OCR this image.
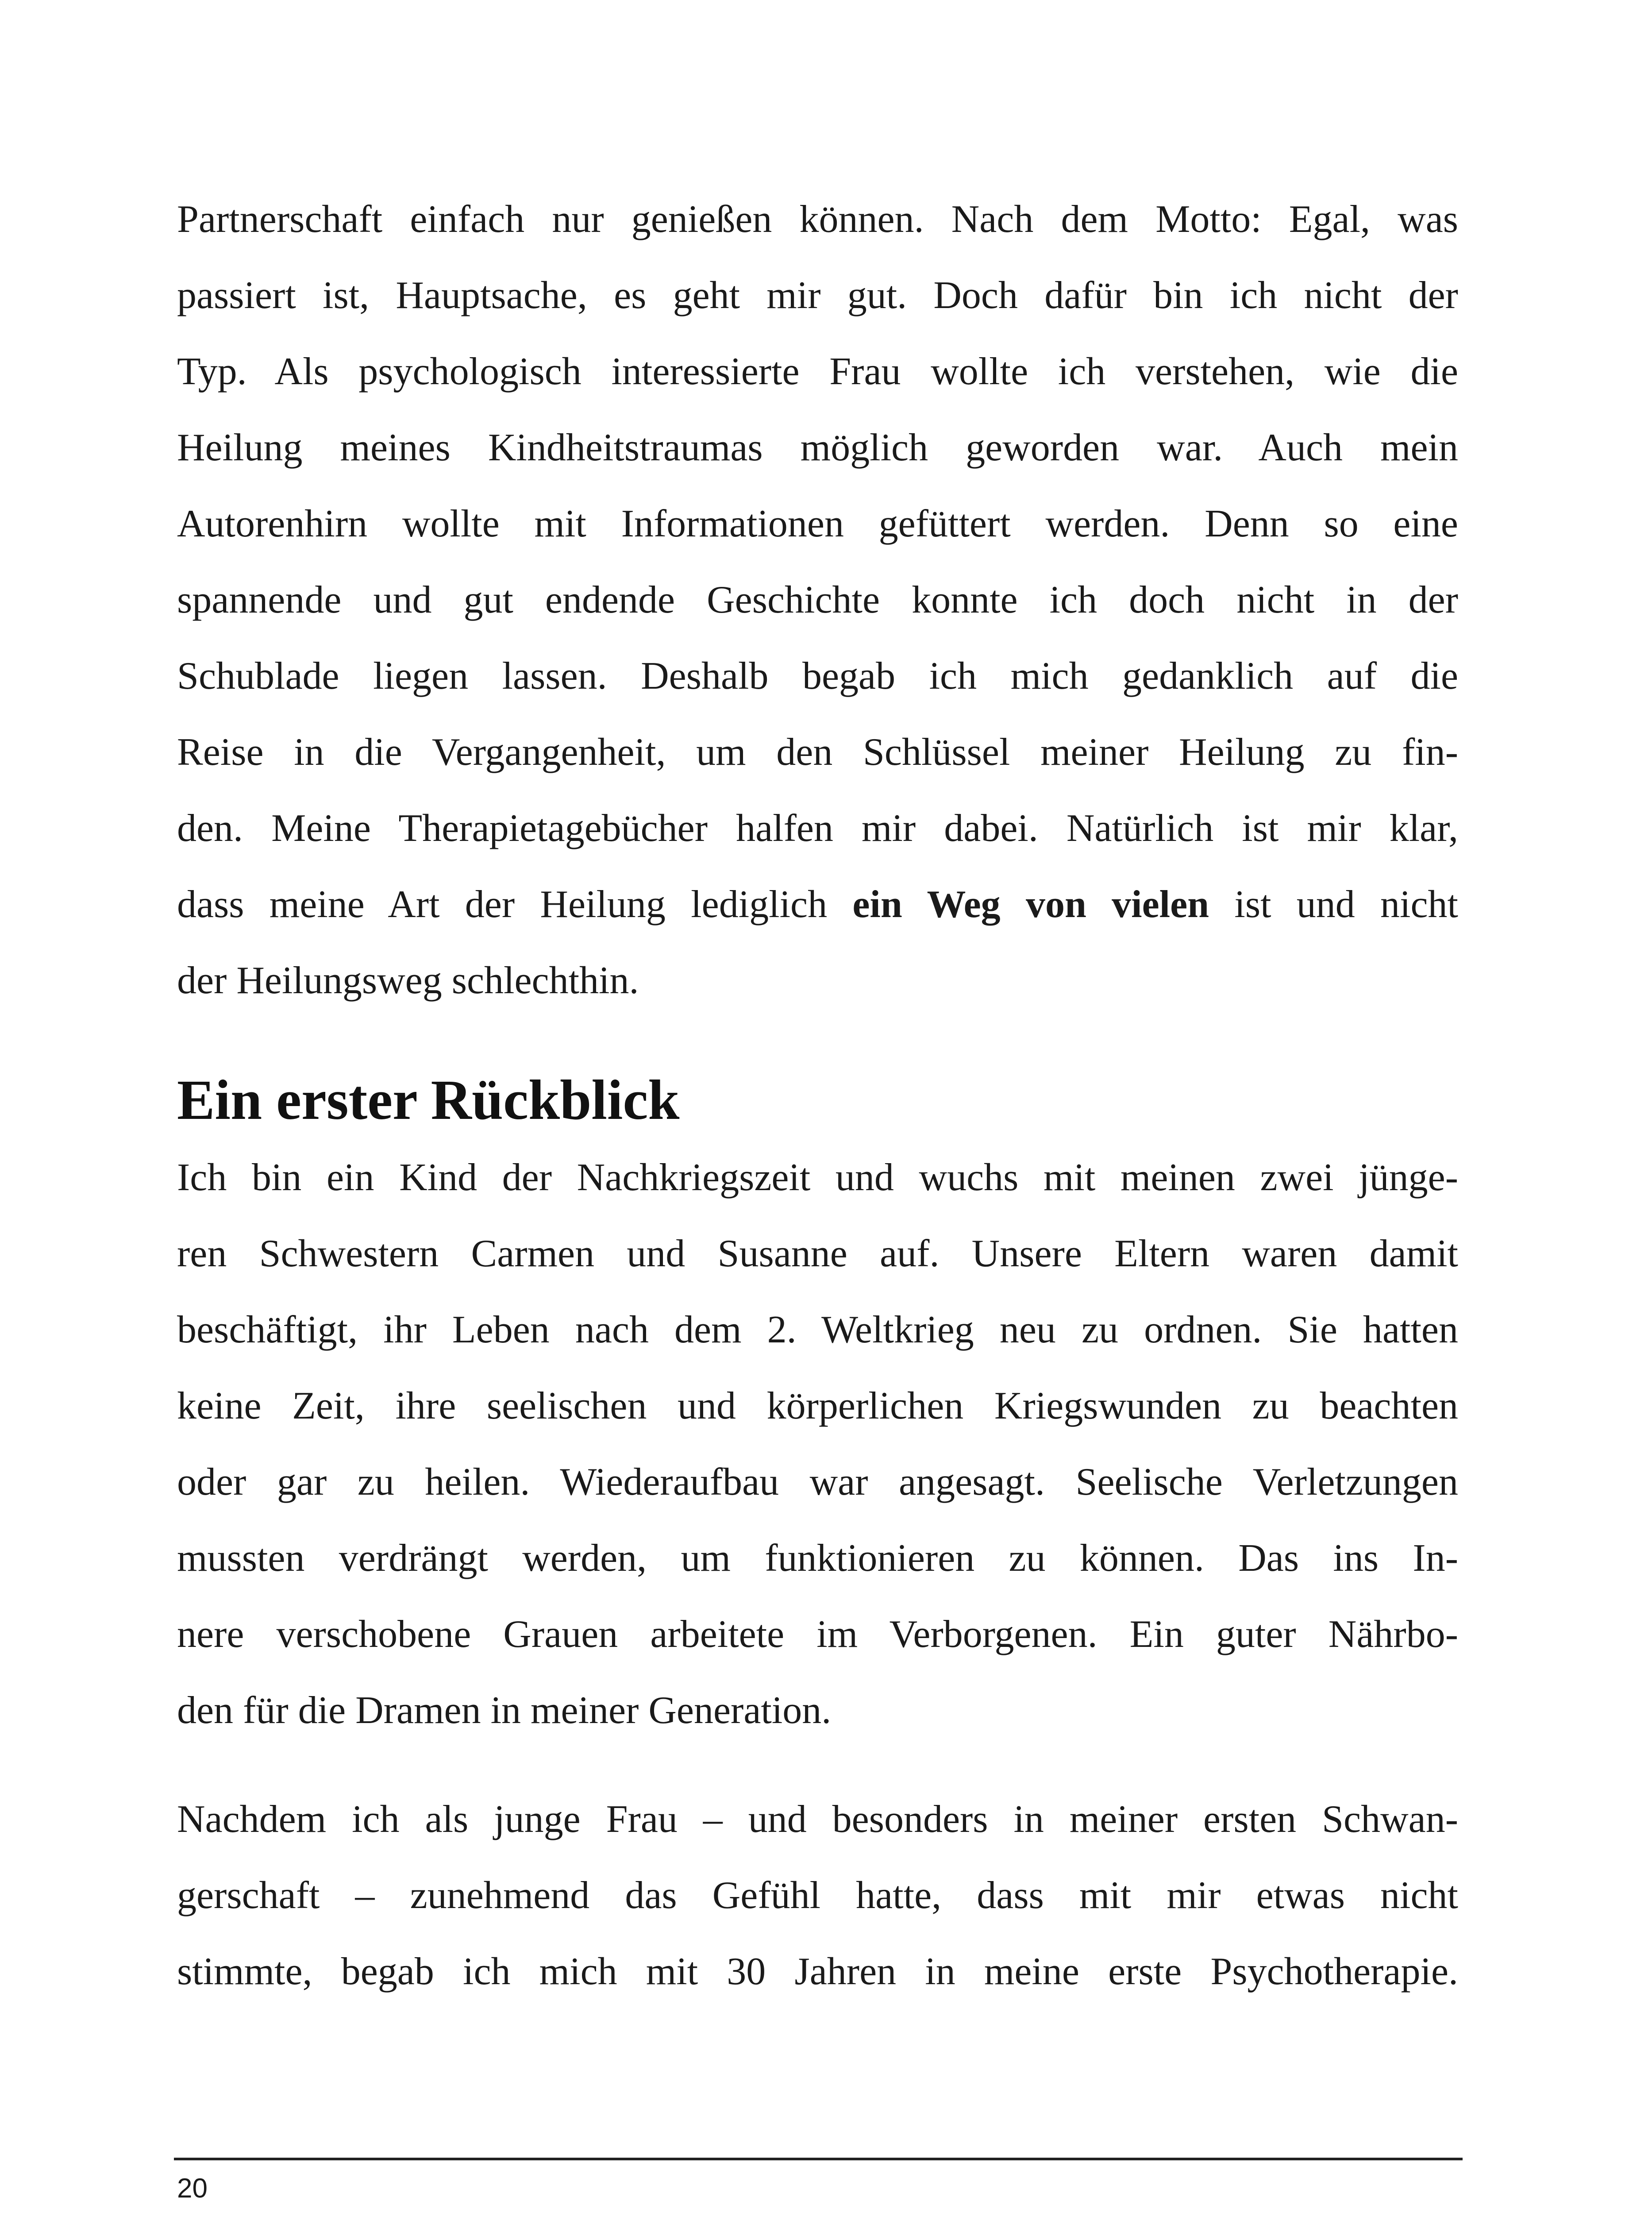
Partnerschaft einfach nur genießen können. Nach dem Motto: Egal, was
passiert ist, Hauptsache, es geht mir gut. Doch dafür bin ich nicht der
Typ. Als psychologisch interessierte Frau wollte ich verstehen, wie die
Heilung meines Kindheitstraumas möglich geworden war. Auch mein
Autorenhirn wollte mit Informationen gefüttert werden. Denn so eine
spannende und gut endende Geschichte konnte ich doch nicht in der
Schublade liegen lassen. Deshalb begab ich mich gedanklich auf die
Reise in die Vergangenheit, um den Schlüssel meiner Heilung zu fin-
den. Meine Therapietagebücher halfen mir dabei. Natürlich ist mir klar,
dass meine Art der Heilung lediglich ein Weg von vielen ist und nicht
der Heilungsweg schlechthin.

Ein erster Rückblick

Ich bin ein Kind der Nachkriegszeit und wuchs mit meinen zwei jünge-
ren Schwestern Carmen und Susanne auf. Unsere Eltern waren damit
beschäftigt, ihr Leben nach dem 2. Weltkrieg neu zu ordnen. Sie hatten
keine Zeit, ihre seelischen und körperlichen Kriegswunden zu beachten
oder gar zu heilen. Wiederaufbau war angesagt. Seelische Verletzungen
mussten verdrängt werden, um funktionieren zu können. Das ins In-
nere verschobene Grauen arbeitete im Verborgenen. Ein guter Nährbo-
den für die Dramen in meiner Generation.

Nachdem ich als junge Frau – und besonders in meiner ersten Schwan-
gerschaft – zunehmend das Gefühl hatte, dass mit mir etwas nicht
stimmte, begab ich mich mit 30 Jahren in meine erste Psychotherapie.

20
